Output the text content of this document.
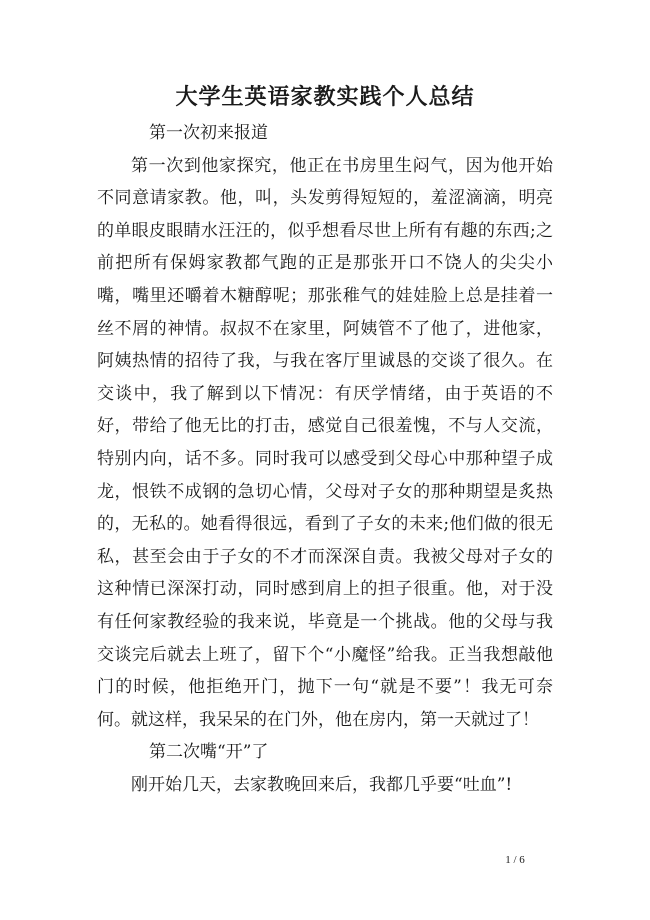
大学生英语家教实践个人总结

第一次初来报道

第一次到他家探究，他正在书房里生闷气，因为他开始不同意请家教。他，叫，头发剪得短短的，羞涩滴滴，明亮的单眼皮眼睛水汪汪的，似乎想看尽世上所有有趣的东西;之前把所有保姆家教都气跑的正是那张开口不饶人的尖尖小嘴，嘴里还嚼着木糖醇呢；那张稚气的娃娃脸上总是挂着一丝不屑的神情。叔叔不在家里，阿姨管不了他了，进他家，阿姨热情的招待了我，与我在客厅里诚恳的交谈了很久。在交谈中，我了解到以下情况：有厌学情绪，由于英语的不好，带给了他无比的打击，感觉自己很羞愧，不与人交流，特别内向，话不多。同时我可以感受到父母心中那种望子成龙，恨铁不成钢的急切心情，父母对子女的那种期望是炙热的，无私的。她看得很远，看到了子女的未来;他们做的很无私，甚至会由于子女的不才而深深自责。我被父母对子女的这种情已深深打动，同时感到肩上的担子很重。他，对于没有任何家教经验的我来说，毕竟是一个挑战。他的父母与我交谈完后就去上班了，留下个“小魔怪”给我。正当我想敲他门的时候，他拒绝开门，抛下一句“就是不要”！我无可奈何。就这样，我呆呆的在门外，他在房内，第一天就过了！

第二次嘴“开”了

刚开始几天，去家教晚回来后，我都几乎要“吐血”!

1 / 6
